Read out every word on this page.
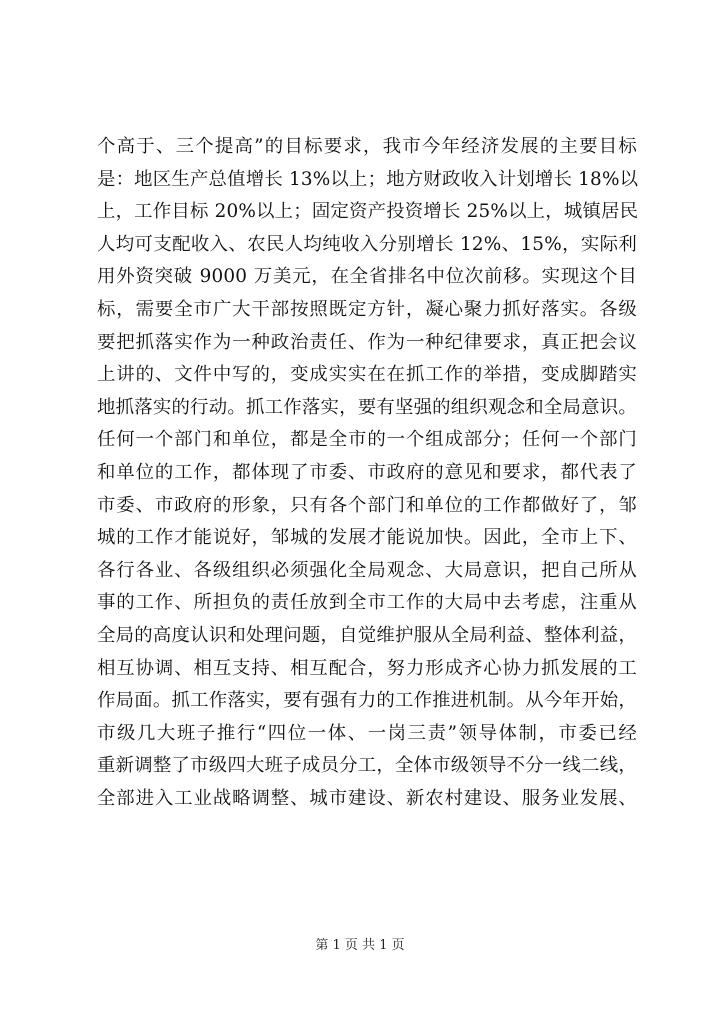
个高于、三个提高”的目标要求，我市今年经济发展的主要目标
是：地区生产总值增长 13%以上；地方财政收入计划增长 18%以
上，工作目标 20%以上；固定资产投资增长 25%以上，城镇居民
人均可支配收入、农民人均纯收入分别增长 12%、15%，实际利
用外资突破 9000 万美元，在全省排名中位次前移。实现这个目
标，需要全市广大干部按照既定方针，凝心聚力抓好落实。各级
要把抓落实作为一种政治责任、作为一种纪律要求，真正把会议
上讲的、文件中写的，变成实实在在抓工作的举措，变成脚踏实
地抓落实的行动。抓工作落实，要有坚强的组织观念和全局意识。
任何一个部门和单位，都是全市的一个组成部分；任何一个部门
和单位的工作，都体现了市委、市政府的意见和要求，都代表了
市委、市政府的形象，只有各个部门和单位的工作都做好了，邹
城的工作才能说好，邹城的发展才能说加快。因此，全市上下、
各行各业、各级组织必须强化全局观念、大局意识，把自己所从
事的工作、所担负的责任放到全市工作的大局中去考虑，注重从
全局的高度认识和处理问题，自觉维护服从全局利益、整体利益，
相互协调、相互支持、相互配合，努力形成齐心协力抓发展的工
作局面。抓工作落实，要有强有力的工作推进机制。从今年开始，
市级几大班子推行“四位一体、一岗三责”领导体制，市委已经
重新调整了市级四大班子成员分工，全体市级领导不分一线二线，
全部进入工业战略调整、城市建设、新农村建设、服务业发展、
第 1 页 共 1 页
